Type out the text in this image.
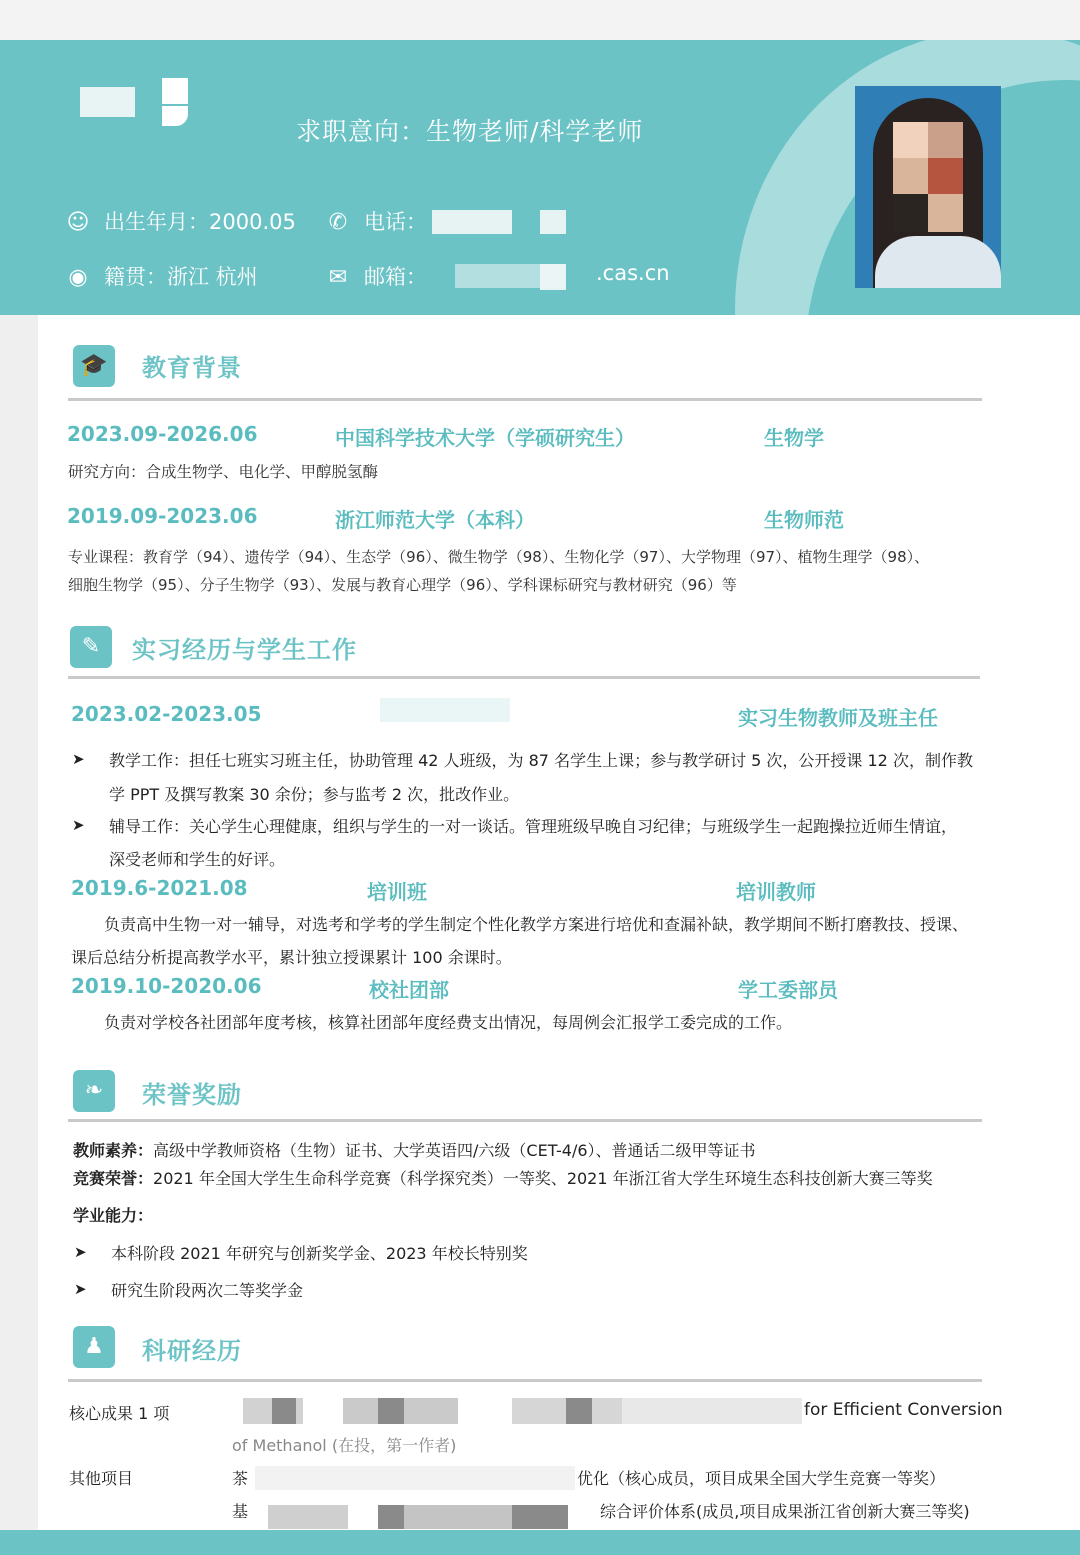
求职意向：生物老师/科学老师
☺ 出生年月：2000.05 ✆ 电话：
◉ 籍贯：浙江 杭州	✉ 邮箱：	.cas.cn
🎓	教育背景
2023.09-2026.06	中国科学技术大学（学硕研究生）	生物学
研究方向：合成生物学、电化学、甲醇脱氢酶
2019.09-2023.06	浙江师范大学（本科）	生物师范
专业课程：教育学（94）、遗传学（94）、生态学（96）、微生物学（98）、生物化学（97）、大学物理（97）、植物生理学（98）、
细胞生物学（95）、分子生物学（93）、发展与教育心理学（96）、学科课标研究与教材研究（96）等
✎	实习经历与学生工作
2023.02-2023.05	实习生物教师及班主任
➤ 教学工作：担任七班实习班主任，协助管理 42 人班级，为 87 名学生上课；参与教学研讨 5 次，公开授课 12 次，制作教
学 PPT 及撰写教案 30 余份；参与监考 2 次，批改作业。
➤ 辅导工作：关心学生心理健康，组织与学生的一对一谈话。管理班级早晚自习纪律；与班级学生一起跑操拉近师生情谊，
深受老师和学生的好评。
2019.6-2021.08	培训班	培训教师
负责高中生物一对一辅导，对选考和学考的学生制定个性化教学方案进行培优和查漏补缺，教学期间不断打磨教技、授课、
课后总结分析提高教学水平，累计独立授课累计 100 余课时。
2019.10-2020.06	校社团部	学工委部员
负责对学校各社团部年度考核，核算社团部年度经费支出情况，每周例会汇报学工委完成的工作。
❧	荣誉奖励
教师素养：高级中学教师资格（生物）证书、大学英语四/六级（CET-4/6）、普通话二级甲等证书
竞赛荣誉：2021 年全国大学生生命科学竞赛（科学探究类）一等奖、2021 年浙江省大学生环境生态科技创新大赛三等奖
学业能力：
➤ 本科阶段 2021 年研究与创新奖学金、2023 年校长特别奖
➤ 研究生阶段两次二等奖学金
♟	科研经历
核心成果 1 项	for Efficient Conversion
of Methanol (在投，第一作者)
其他项目	茶	优化（核心成员，项目成果全国大学生竞赛一等奖）
基	综合评价体系(成员,项目成果浙江省创新大赛三等奖)
